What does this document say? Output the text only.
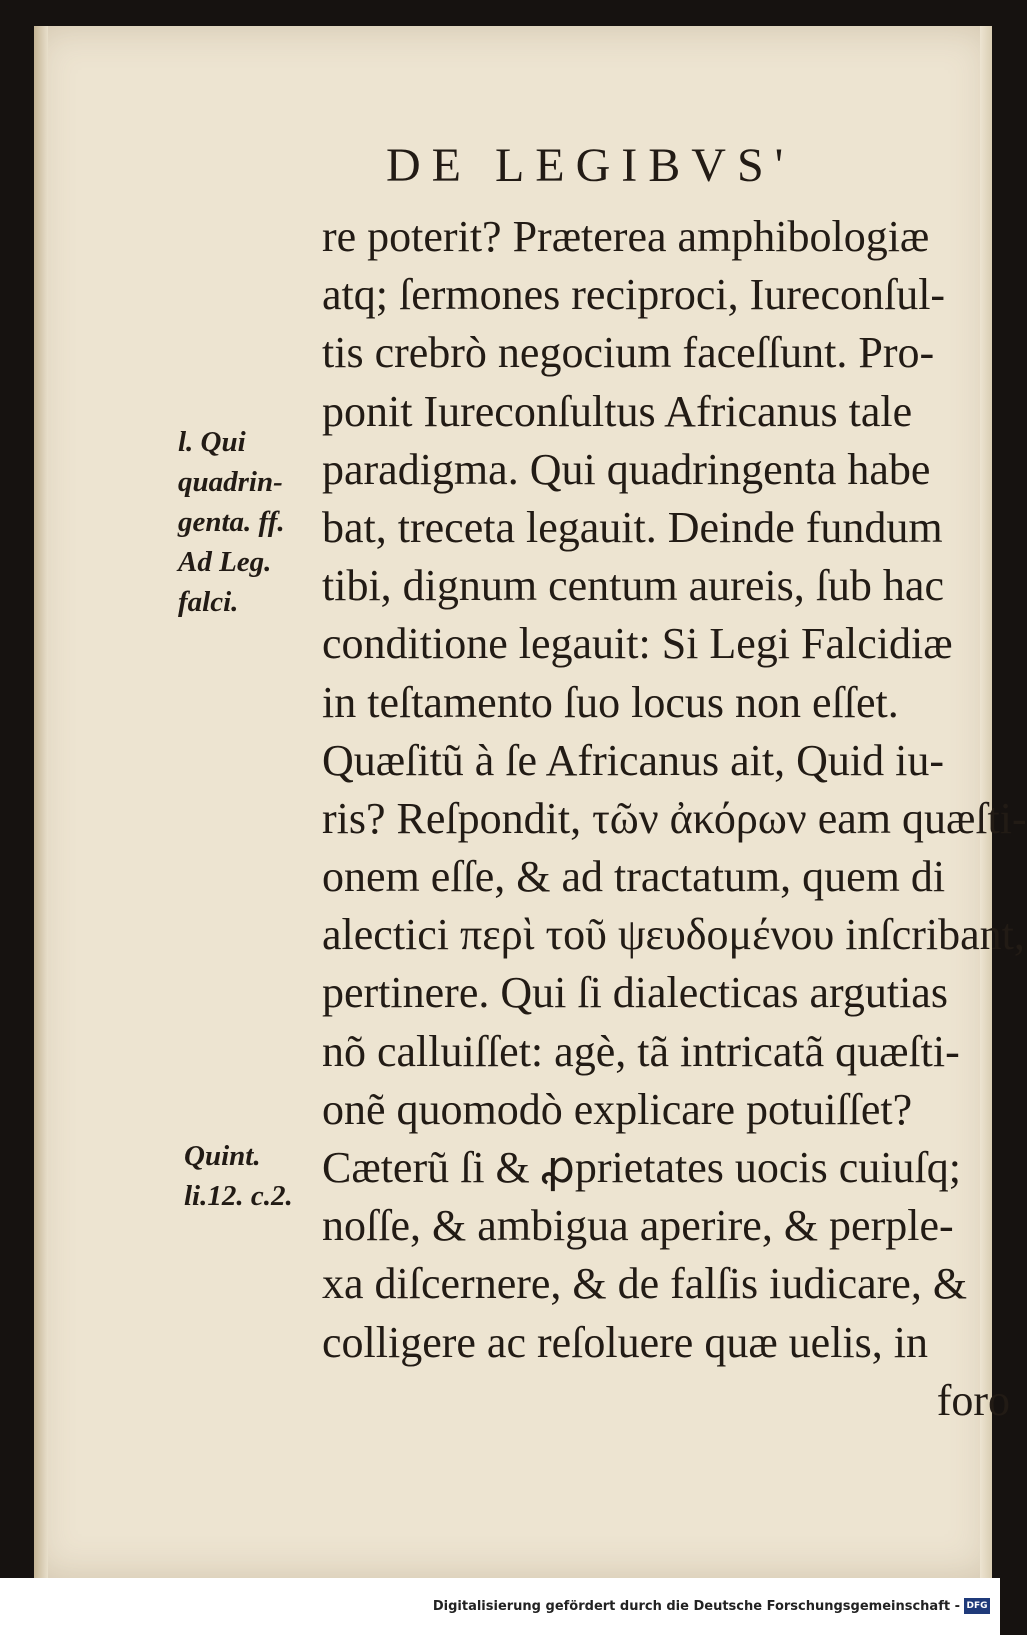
DE LEGIBVS'
re poterit? Præterea amphibologiæ
atq; ſermones reciproci, Iureconſul-
tis crebrò negocium faceſſunt. Pro-
ponit Iureconſultus Africanus tale
paradigma. Qui quadringenta habe
bat, treceta legauit. Deinde fundum
tibi, dignum centum aureis, ſub hac
conditione legauit: Si Legi Falcidiæ
in teſtamento ſuo locus non eſſet.
Quæſitũ à ſe Africanus ait, Quid iu-
ris? Reſpondit, τῶν ἀκόρων eam quæſti-
onem eſſe, & ad tractatum, quem di
alectici περὶ τοῦ ψευδομένου inſcribant,
pertinere. Qui ſi dialecticas argutias
nõ calluiſſet: agè, tã intricatã quæſti-
onẽ quomodò explicare potuiſſet?
Cæterũ ſi & ꝓprietates uocis cuiuſq;
noſſe, & ambigua aperire, & perple-
xa diſcernere, & de falſis iudicare, &
colligere ac reſoluere quæ uelis, in
foro
l. Qui
quadrin-
genta. ff.
Ad Leg.
falci.
Quint.
li.12. c.2.
Digitalisierung gefördert durch die Deutsche Forschungsgemeinschaft - DFG
